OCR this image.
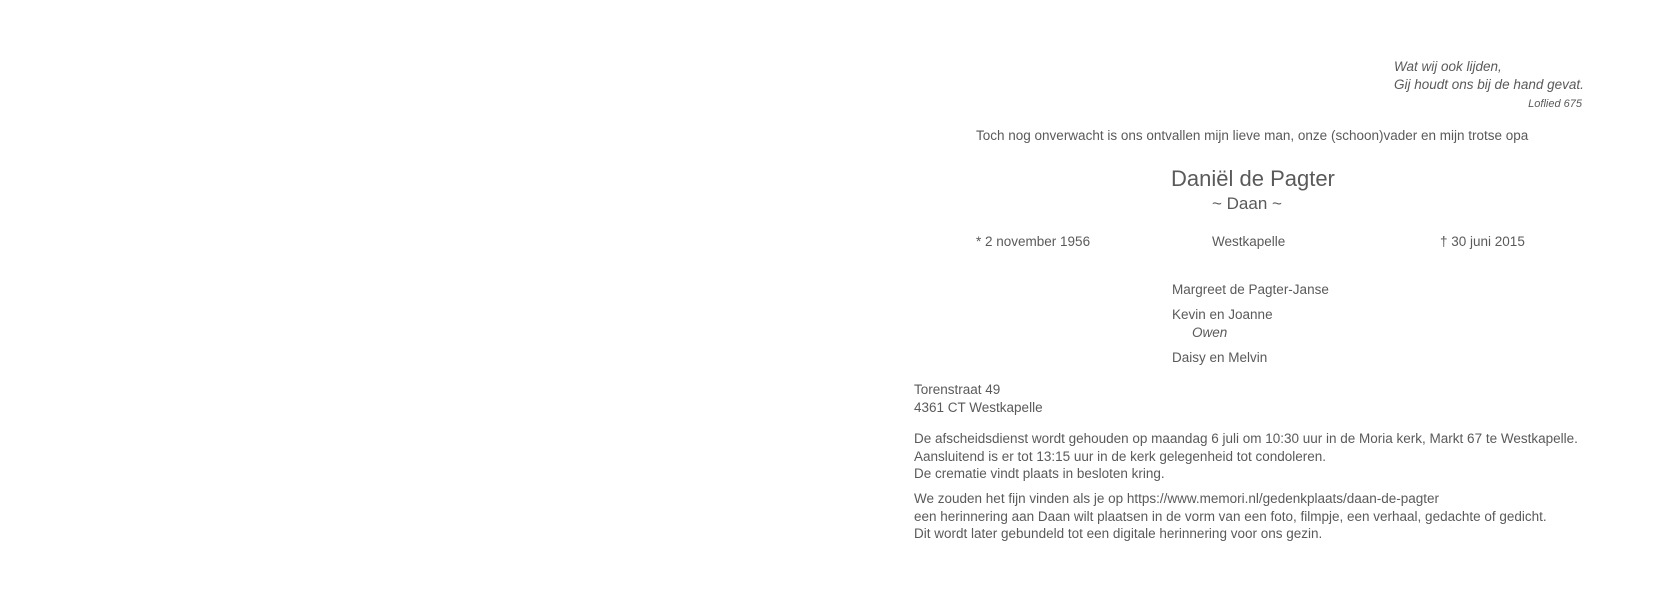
Wat wij ook lijden,
Gij houdt ons bij de hand gevat.
Loflied 675
Toch nog onverwacht is ons ontvallen mijn lieve man, onze (schoon)vader en mijn trotse opa
Daniël de Pagter
~ Daan ~
* 2 november 1956	Westkapelle	† 30 juni 2015
Margreet de Pagter-Janse
Kevin en Joanne
Owen
Daisy en Melvin
Torenstraat 49
4361 CT Westkapelle
De afscheidsdienst wordt gehouden op maandag 6 juli om 10:30 uur in de Moria kerk, Markt 67 te Westkapelle.
Aansluitend is er tot 13:15 uur in de kerk gelegenheid tot condoleren.
De crematie vindt plaats in besloten kring.
We zouden het fijn vinden als je op https://www.memori.nl/gedenkplaats/daan-de-pagter
een herinnering aan Daan wilt plaatsen in de vorm van een foto, filmpje, een verhaal, gedachte of gedicht.
Dit wordt later gebundeld tot een digitale herinnering voor ons gezin.
